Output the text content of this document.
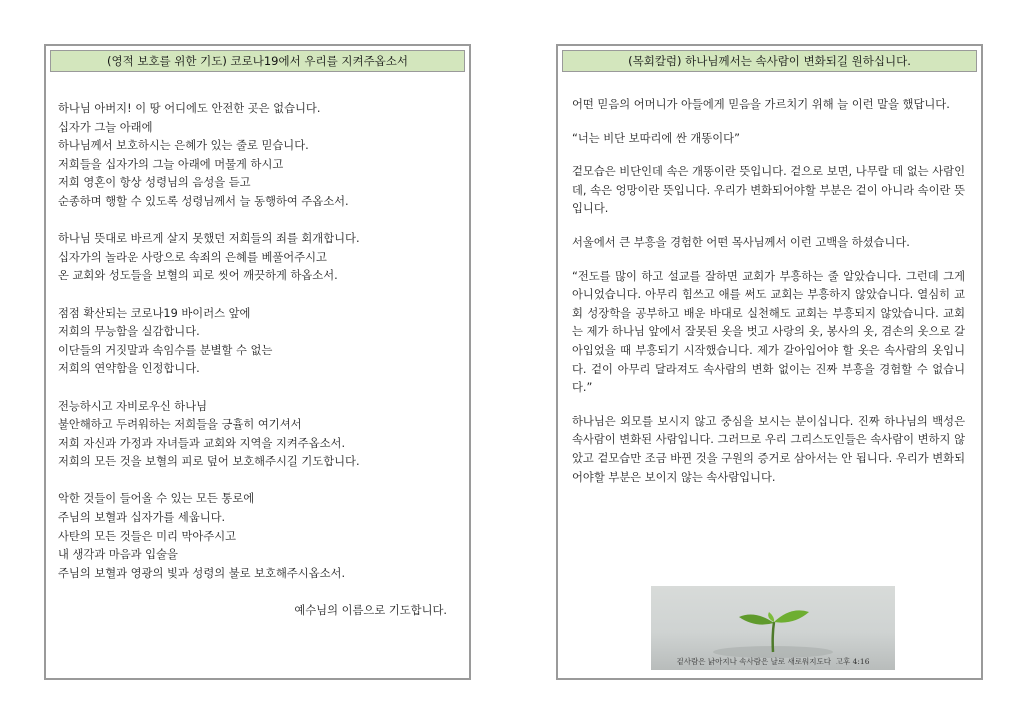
(영적 보호를 위한 기도) 코로나19에서 우리를 지켜주옵소서
하나님 아버지! 이 땅 어디에도 안전한 곳은 없습니다.
십자가 그늘 아래에
하나님께서 보호하시는 은혜가 있는 줄로 믿습니다.
저희들을 십자가의 그늘 아래에 머물게 하시고
저희 영혼이 항상 성령님의 음성을 듣고
순종하며 행할 수 있도록 성령님께서 늘 동행하여 주옵소서.
하나님 뜻대로 바르게 살지 못했던 저희들의 죄를 회개합니다.
십자가의 놀라운 사랑으로 속죄의 은혜를 베풀어주시고
온 교회와 성도들을 보혈의 피로 씻어 깨끗하게 하옵소서.
점점 확산되는 코로나19 바이러스 앞에
저희의 무능함을 실감합니다.
이단들의 거짓말과 속임수를 분별할 수 없는
저희의 연약함을 인정합니다.
전능하시고 자비로우신 하나님
불안해하고 두려워하는 저희들을 긍휼히 여기셔서
저희 자신과 가정과 자녀들과 교회와 지역을 지켜주옵소서.
저희의 모든 것을 보혈의 피로 덮어 보호해주시길 기도합니다.
악한 것들이 들어올 수 있는 모든 통로에
주님의 보혈과 십자가를 세웁니다.
사탄의 모든 것들은 미리 막아주시고
내 생각과 마음과 입술을
주님의 보혈과 영광의 빛과 성령의 불로 보호해주시옵소서.
예수님의 이름으로 기도합니다.
(목회칼럼) 하나님께서는 속사람이 변화되길 원하십니다.

어떤 믿음의 어머니가 아들에게 믿음을 가르치기 위해 늘 이런 말을 했답니다.

“너는 비단 보따리에 싼 개똥이다”

겉모습은 비단인데 속은 개똥이란 뜻입니다. 겉으로 보면, 나무랄 데 없는 사람인데, 속은 엉망이란 뜻입니다. 우리가 변화되어야할 부분은 겉이 아니라 속이란 뜻입니다.

서울에서 큰 부흥을 경험한 어떤 목사님께서 이런 고백을 하셨습니다.

“전도를 많이 하고 설교를 잘하면 교회가 부흥하는 줄 알았습니다. 그런데 그게 아니었습니다. 아무리 힘쓰고 애를 써도 교회는 부흥하지 않았습니다. 열심히 교회 성장학을 공부하고 배운 바대로 실천해도 교회는 부흥되지 않았습니다. 교회는 제가 하나님 앞에서 잘못된 옷을 벗고 사랑의 옷, 봉사의 옷, 겸손의 옷으로 갈아입었을 때 부흥되기 시작했습니다. 제가 갈아입어야 할 옷은 속사람의 옷입니다. 겉이 아무리 달라져도 속사람의 변화 없이는 진짜 부흥을 경험할 수 없습니다.”

하나님은 외모를 보시지 않고 중심을 보시는 분이십니다. 진짜 하나님의 백성은 속사람이 변화된 사람입니다. 그러므로 우리 그리스도인들은 속사람이 변하지 않았고 겉모습만 조금 바뀐 것을 구원의 증거로 삼아서는 안 됩니다. 우리가 변화되어야할 부분은 보이지 않는 속사람입니다.

겉사람은 낡아지나 속사람은 날로 새로워지도다 고후 4:16
